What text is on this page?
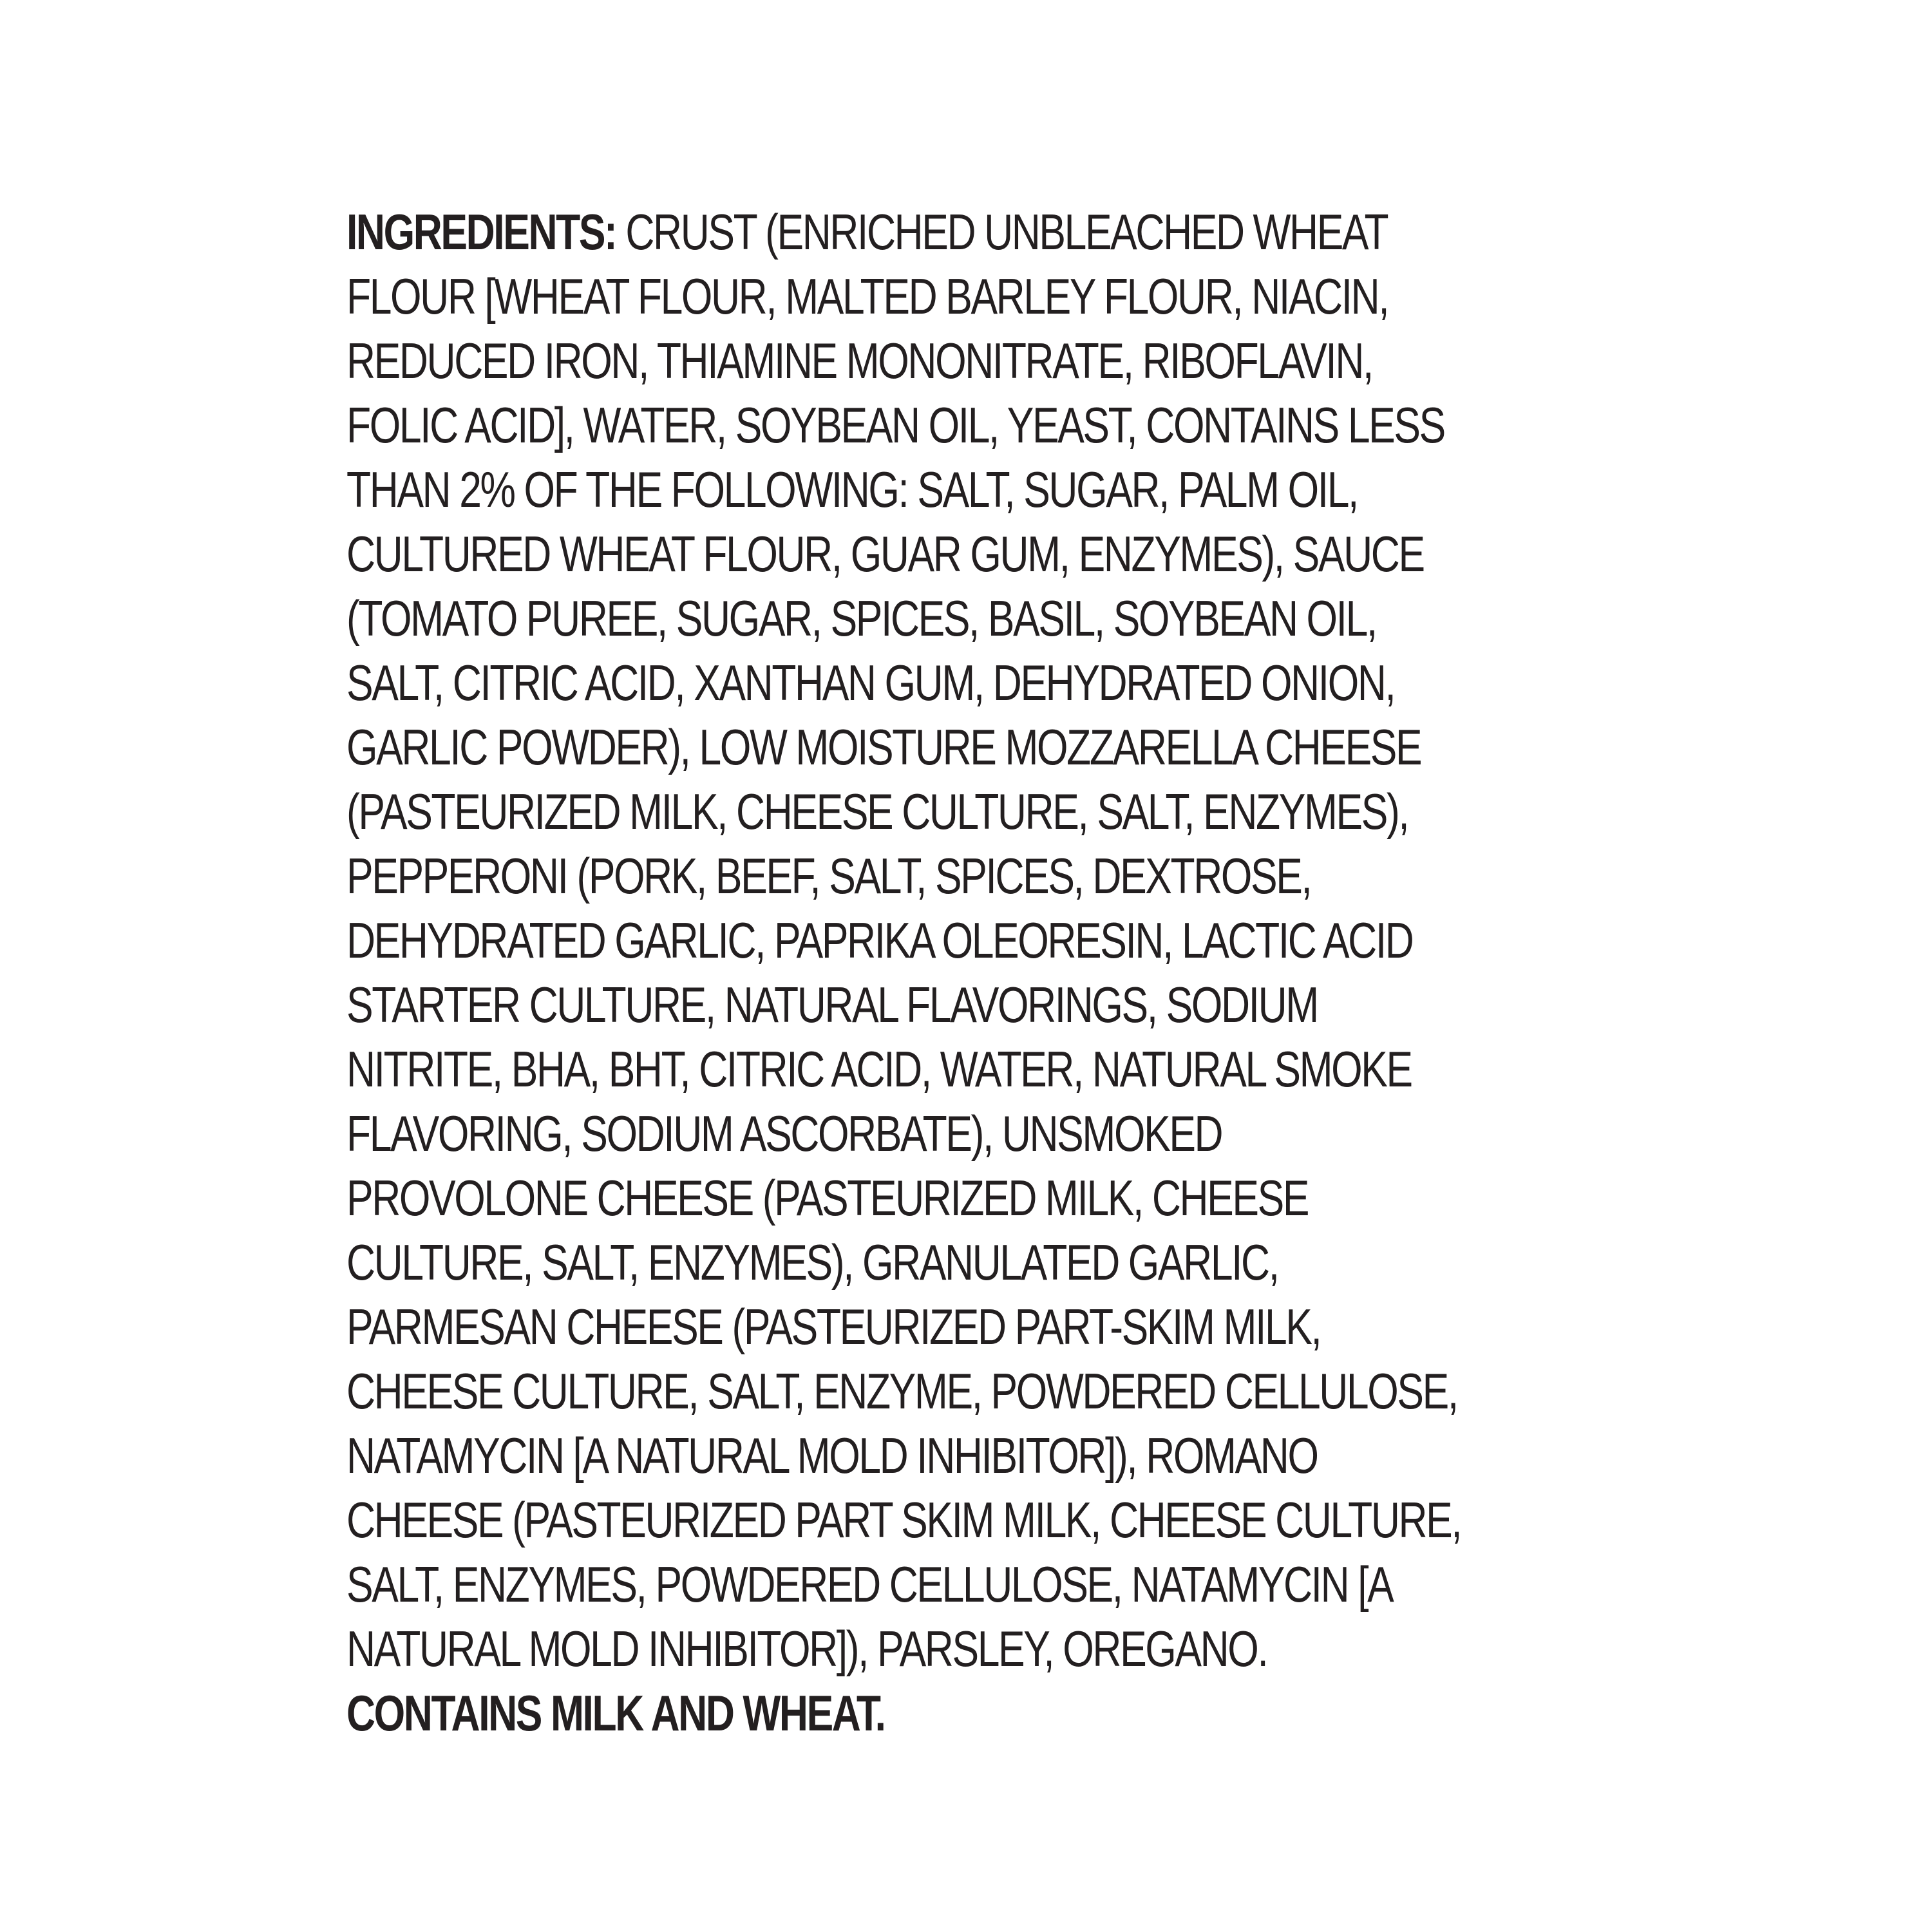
INGREDIENTS: CRUST (ENRICHED UNBLEACHED WHEAT
FLOUR [WHEAT FLOUR, MALTED BARLEY FLOUR, NIACIN,
REDUCED IRON, THIAMINE MONONITRATE, RIBOFLAVIN,
FOLIC ACID], WATER, SOYBEAN OIL, YEAST, CONTAINS LESS
THAN 2% OF THE FOLLOWING: SALT, SUGAR, PALM OIL,
CULTURED WHEAT FLOUR, GUAR GUM, ENZYMES), SAUCE
(TOMATO PUREE, SUGAR, SPICES, BASIL, SOYBEAN OIL,
SALT, CITRIC ACID, XANTHAN GUM, DEHYDRATED ONION,
GARLIC POWDER), LOW MOISTURE MOZZARELLA CHEESE
(PASTEURIZED MILK, CHEESE CULTURE, SALT, ENZYMES),
PEPPERONI (PORK, BEEF, SALT, SPICES, DEXTROSE,
DEHYDRATED GARLIC, PAPRIKA OLEORESIN, LACTIC ACID
STARTER CULTURE, NATURAL FLAVORINGS, SODIUM
NITRITE, BHA, BHT, CITRIC ACID, WATER, NATURAL SMOKE
FLAVORING, SODIUM ASCORBATE), UNSMOKED
PROVOLONE CHEESE (PASTEURIZED MILK, CHEESE
CULTURE, SALT, ENZYMES), GRANULATED GARLIC,
PARMESAN CHEESE (PASTEURIZED PART-SKIM MILK,
CHEESE CULTURE, SALT, ENZYME, POWDERED CELLULOSE,
NATAMYCIN [A NATURAL MOLD INHIBITOR]), ROMANO
CHEESE (PASTEURIZED PART SKIM MILK, CHEESE CULTURE,
SALT, ENZYMES, POWDERED CELLULOSE, NATAMYCIN [A
NATURAL MOLD INHIBITOR]), PARSLEY, OREGANO.
CONTAINS MILK AND WHEAT.
